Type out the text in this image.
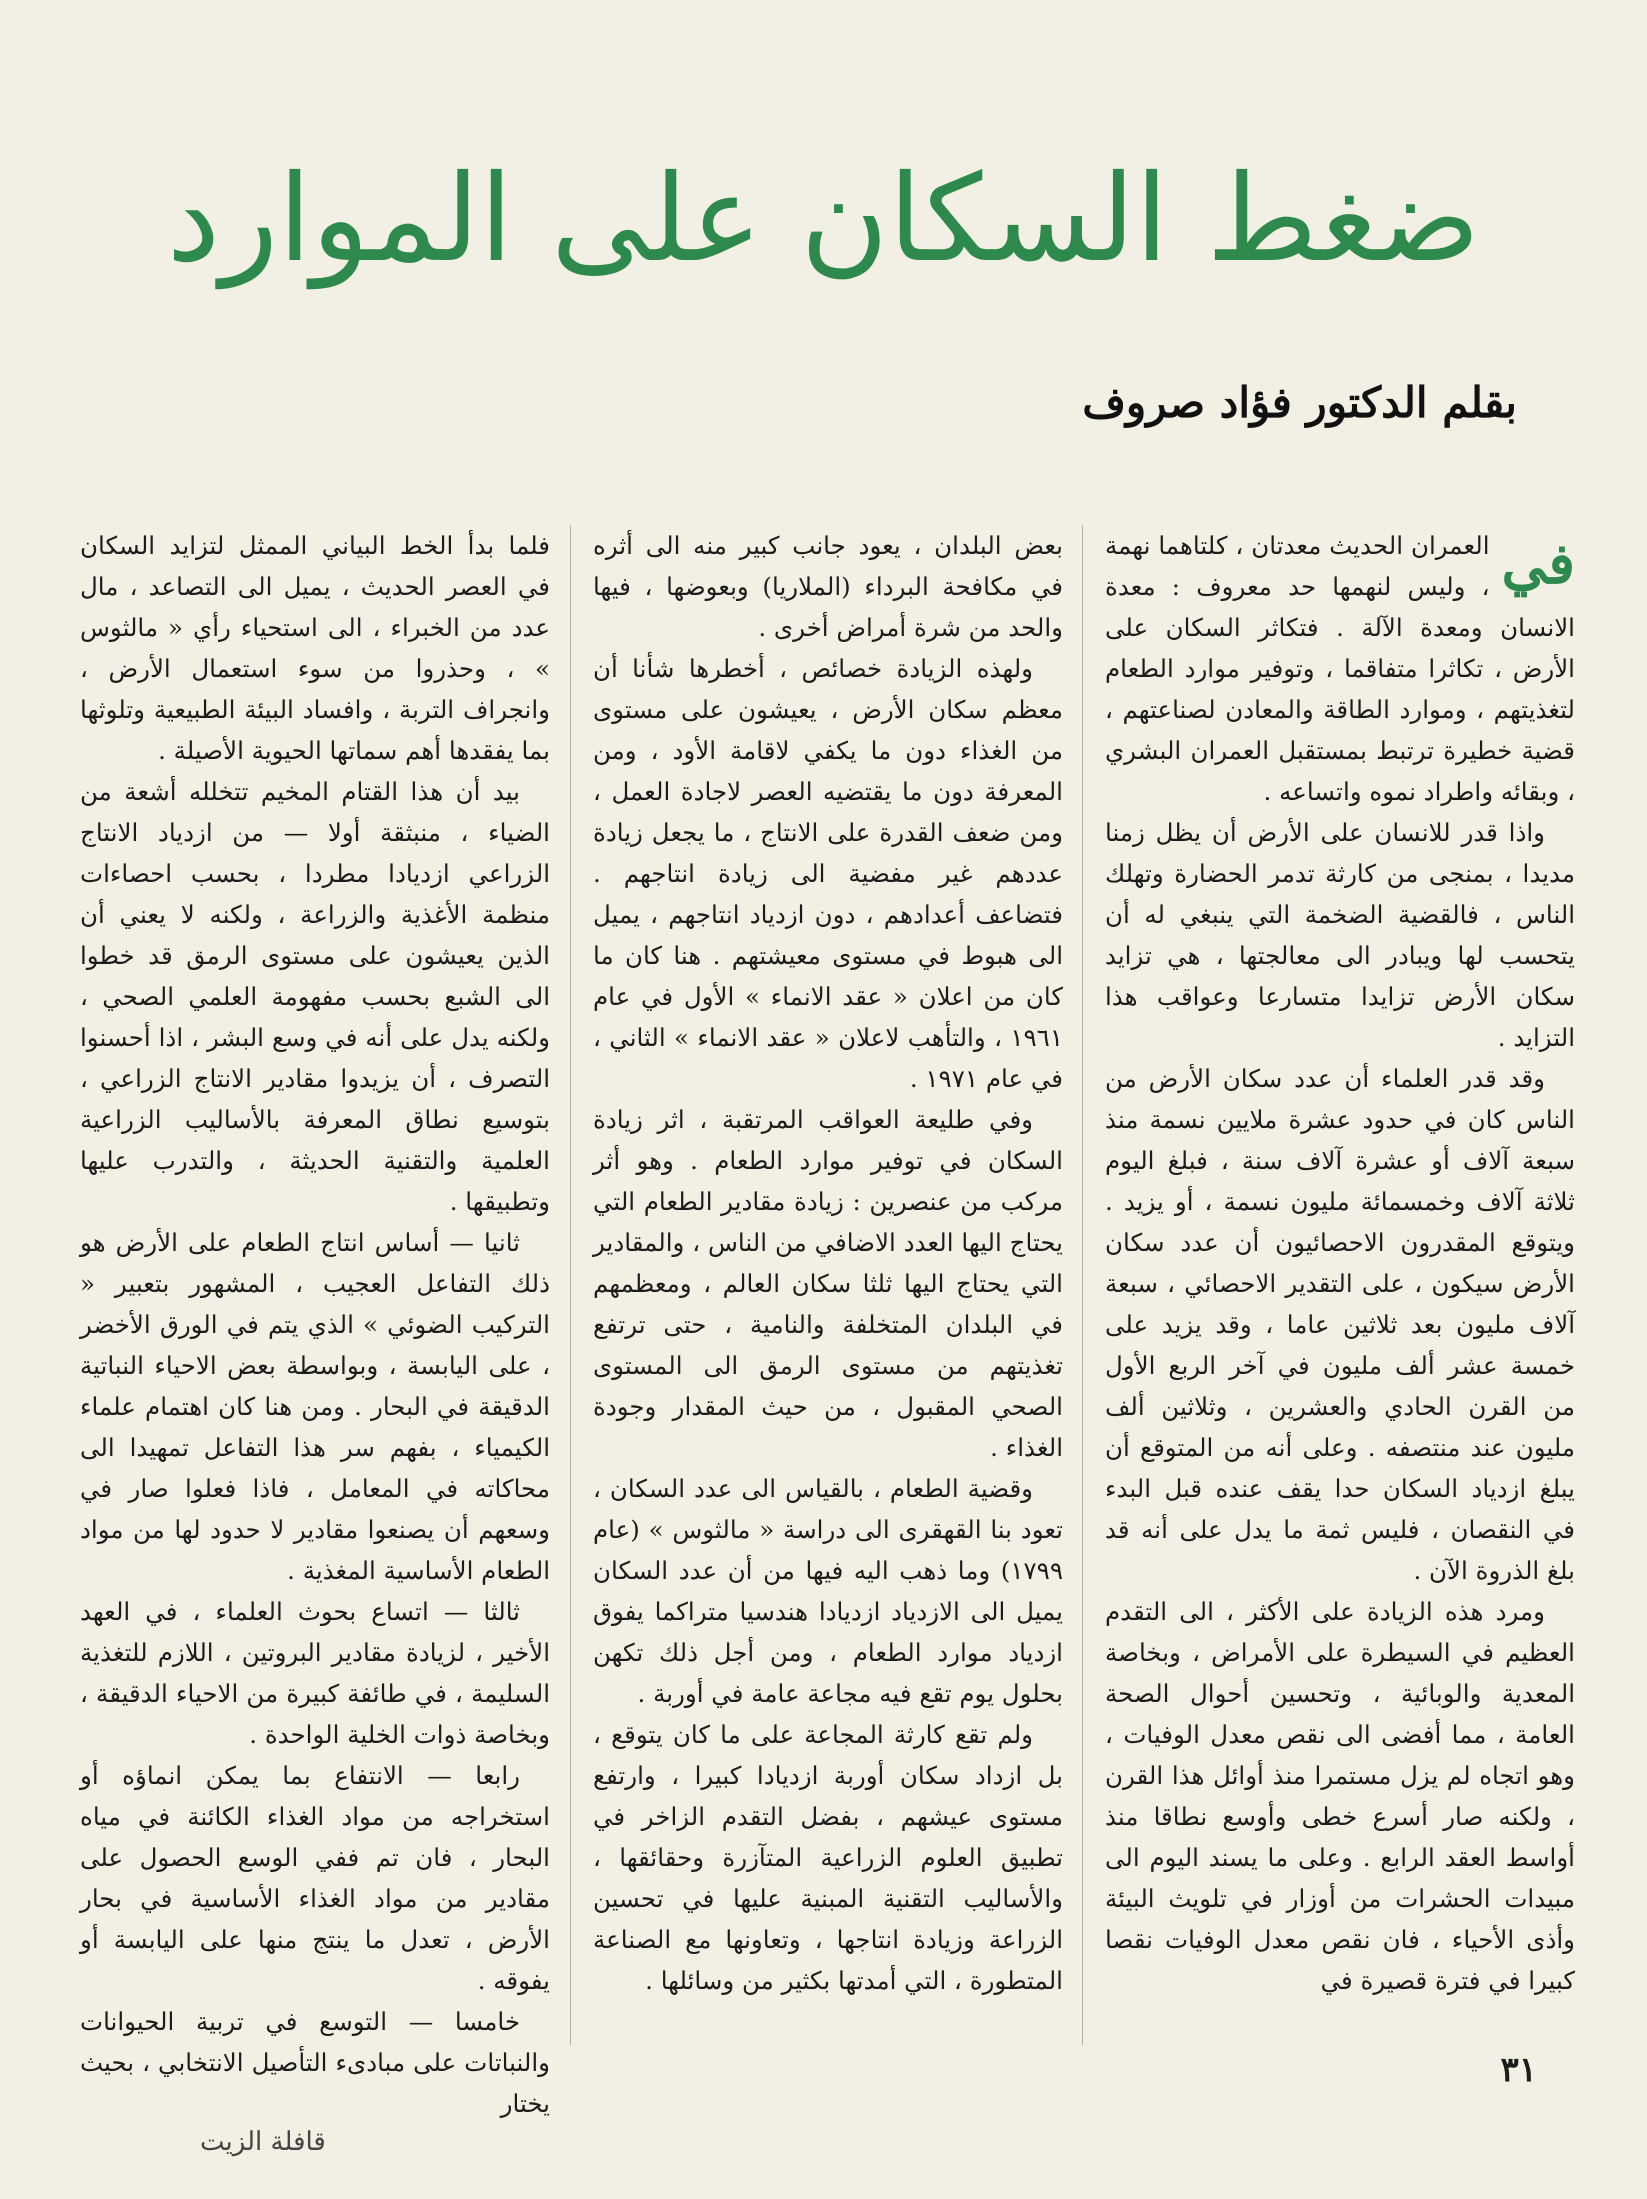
ضغط السكان على الموارد
بقلم الدكتور فؤاد صروف

في
العمران الحديث معدتان ، كلتاهما نهمة ، وليس لنهمها حد معروف : معدة الانسان ومعدة الآلة . فتكاثر السكان على الأرض ، تكاثرا متفاقما ، وتوفير موارد الطعام لتغذيتهم ، وموارد الطاقة والمعادن لصناعتهم ، قضية خطيرة ترتبط بمستقبل العمران البشري ، وبقائه واطراد نموه واتساعه .

واذا قدر للانسان على الأرض أن يظل زمنا مديدا ، بمنجى من كارثة تدمر الحضارة وتهلك الناس ، فالقضية الضخمة التي ينبغي له أن يتحسب لها ويبادر الى معالجتها ، هي تزايد سكان الأرض تزايدا متسارعا وعواقب هذا التزايد .

وقد قدر العلماء أن عدد سكان الأرض من الناس كان في حدود عشرة ملايين نسمة منذ سبعة آلاف أو عشرة آلاف سنة ، فبلغ اليوم ثلاثة آلاف وخمسمائة مليون نسمة ، أو يزيد . ويتوقع المقدرون الاحصائيون أن عدد سكان الأرض سيكون ، على التقدير الاحصائي ، سبعة آلاف مليون بعد ثلاثين عاما ، وقد يزيد على خمسة عشر ألف مليون في آخر الربع الأول من القرن الحادي والعشرين ، وثلاثين ألف مليون عند منتصفه . وعلى أنه من المتوقع أن يبلغ ازدياد السكان حدا يقف عنده قبل البدء في النقصان ، فليس ثمة ما يدل على أنه قد بلغ الذروة الآن .

ومرد هذه الزيادة على الأكثر ، الى التقدم العظيم في السيطرة على الأمراض ، وبخاصة المعدية والوبائية ، وتحسين أحوال الصحة العامة ، مما أفضى الى نقص معدل الوفيات ، وهو اتجاه لم يزل مستمرا منذ أوائل هذا القرن ، ولكنه صار أسرع خطى وأوسع نطاقا منذ أواسط العقد الرابع . وعلى ما يسند اليوم الى مبيدات الحشرات من أوزار في تلويث البيئة وأذى الأحياء ، فان نقص معدل الوفيات نقصا كبيرا في فترة قصيرة في

بعض البلدان ، يعود جانب كبير منه الى أثره في مكافحة البرداء (الملاريا) وبعوضها ، فيها والحد من شرة أمراض أخرى .

ولهذه الزيادة خصائص ، أخطرها شأنا أن معظم سكان الأرض ، يعيشون على مستوى من الغذاء دون ما يكفي لاقامة الأود ، ومن المعرفة دون ما يقتضيه العصر لاجادة العمل ، ومن ضعف القدرة على الانتاج ، ما يجعل زيادة عددهم غير مفضية الى زيادة انتاجهم . فتضاعف أعدادهم ، دون ازدياد انتاجهم ، يميل الى هبوط في مستوى معيشتهم . هنا كان ما كان من اعلان « عقد الانماء » الأول في عام ١٩٦١ ، والتأهب لاعلان « عقد الانماء » الثاني ، في عام ١٩٧١ .

وفي طليعة العواقب المرتقبة ، اثر زيادة السكان في توفير موارد الطعام . وهو أثر مركب من عنصرين : زيادة مقادير الطعام التي يحتاج اليها العدد الاضافي من الناس ، والمقادير التي يحتاج اليها ثلثا سكان العالم ، ومعظمهم في البلدان المتخلفة والنامية ، حتى ترتفع تغذيتهم من مستوى الرمق الى المستوى الصحي المقبول ، من حيث المقدار وجودة الغذاء .

وقضية الطعام ، بالقياس الى عدد السكان ، تعود بنا القهقرى الى دراسة « مالثوس » (عام ١٧٩٩) وما ذهب اليه فيها من أن عدد السكان يميل الى الازدياد ازديادا هندسيا متراكما يفوق ازدياد موارد الطعام ، ومن أجل ذلك تكهن بحلول يوم تقع فيه مجاعة عامة في أوربة .

ولم تقع كارثة المجاعة على ما كان يتوقع ، بل ازداد سكان أوربة ازديادا كبيرا ، وارتفع مستوى عيشهم ، بفضل التقدم الزاخر في تطبيق العلوم الزراعية المتآزرة وحقائقها ، والأساليب التقنية المبنية عليها في تحسين الزراعة وزيادة انتاجها ، وتعاونها مع الصناعة المتطورة ، التي أمدتها بكثير من وسائلها .

فلما بدأ الخط البياني الممثل لتزايد السكان في العصر الحديث ، يميل الى التصاعد ، مال عدد من الخبراء ، الى استحياء رأي « مالثوس » ، وحذروا من سوء استعمال الأرض ، وانجراف التربة ، وافساد البيئة الطبيعية وتلوثها بما يفقدها أهم سماتها الحيوية الأصيلة .

بيد أن هذا القتام المخيم تتخلله أشعة من الضياء ، منبثقة أولا — من ازدياد الانتاج الزراعي ازديادا مطردا ، بحسب احصاءات منظمة الأغذية والزراعة ، ولكنه لا يعني أن الذين يعيشون على مستوى الرمق قد خطوا الى الشبع بحسب مفهومة العلمي الصحي ، ولكنه يدل على أنه في وسع البشر ، اذا أحسنوا التصرف ، أن يزيدوا مقادير الانتاج الزراعي ، بتوسيع نطاق المعرفة بالأساليب الزراعية العلمية والتقنية الحديثة ، والتدرب عليها وتطبيقها .

ثانيا — أساس انتاج الطعام على الأرض هو ذلك التفاعل العجيب ، المشهور بتعبير « التركيب الضوئي » الذي يتم في الورق الأخضر ، على اليابسة ، وبواسطة بعض الاحياء النباتية الدقيقة في البحار . ومن هنا كان اهتمام علماء الكيمياء ، بفهم سر هذا التفاعل تمهيدا الى محاكاته في المعامل ، فاذا فعلوا صار في وسعهم أن يصنعوا مقادير لا حدود لها من مواد الطعام الأساسية المغذية .

ثالثا — اتساع بحوث العلماء ، في العهد الأخير ، لزيادة مقادير البروتين ، اللازم للتغذية السليمة ، في طائفة كبيرة من الاحياء الدقيقة ، وبخاصة ذوات الخلية الواحدة .

رابعا — الانتفاع بما يمكن انماؤه أو استخراجه من مواد الغذاء الكائنة في مياه البحار ، فان تم ففي الوسع الحصول على مقادير من مواد الغذاء الأساسية في بحار الأرض ، تعدل ما ينتج منها على اليابسة أو يفوقه .

خامسا — التوسع في تربية الحيوانات والنباتات على مبادىء التأصيل الانتخابي ، بحيث يختار

٣١
قافلة الزيت
